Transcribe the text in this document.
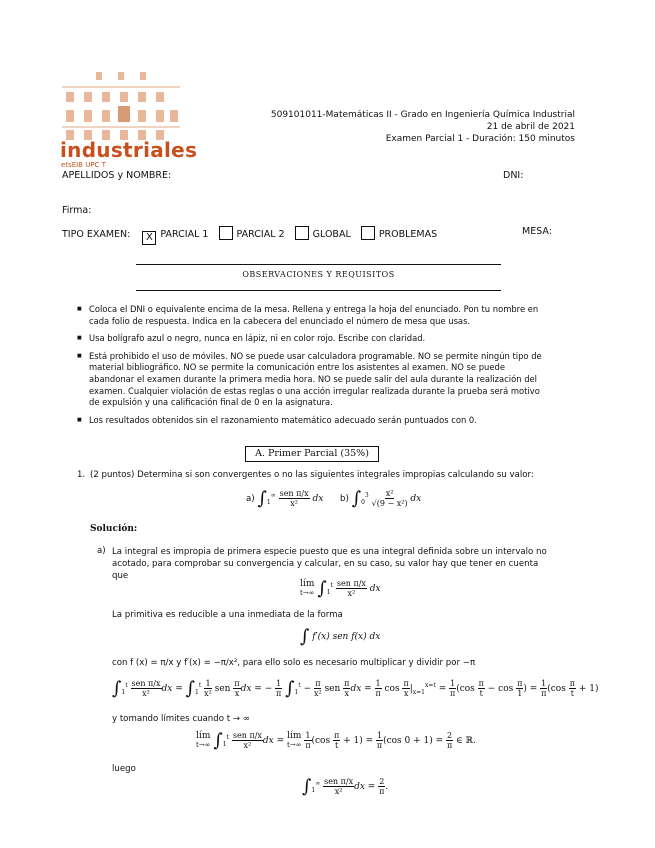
industriales
etsEIB UPC T
509101011-Matemáticas II - Grado en Ingeniería Química Industrial
21 de abril de 2021
Examen Parcial 1 - Duración: 150 minutos
APELLIDOS y NOMBRE:	DNI:
Firma:
TIPO EXAMEN: X PARCIAL 1	PARCIAL 2	GLOBAL	PROBLEMAS	MESA:
OBSERVACIONES Y REQUISITOS
■ Coloca el DNI o equivalente encima de la mesa. Rellena y entrega la hoja del enunciado. Pon tu nombre en cada folio de respuesta. Indica en la cabecera del enunciado el número de mesa que usas.
■ Usa bolígrafo azul o negro, nunca en lápiz, ni en color rojo. Escribe con claridad.
■ Está prohibido el uso de móviles. NO se puede usar calculadora programable. NO se permite ningún tipo de material bibliográfico. NO se permite la comunicación entre los asistentes al examen. NO se puede abandonar el examen durante la primera media hora. NO se puede salir del aula durante la realización del examen. Cualquier violación de estas reglas o una acción irregular realizada durante la prueba será motivo de expulsión y una calificación final de 0 en la asignatura.
■ Los resultados obtenidos sin el razonamiento matemático adecuado serán puntuados con 0.
A. Primer Parcial (35%)
1. (2 puntos) Determina si son convergentes o no las siguientes integrales impropias calculando su valor:
a) $\int_1^\infty \frac{\text{sen π/x}}{\text{x²}}$ dx b) $\int_0^3 \frac{\text{x²}}{\text{√(9 − x²)}}$ dx
Solución:
a) La integral es impropia de primera especie puesto que es una integral definida sobre un intervalo no acotado, para comprobar su convergencia y calcular, en su caso, su valor hay que tener en cuenta que
lím
t→∞ $\int_1^t \frac{\text{sen π/x}}{\text{x²}}$ dx
La primitiva es reducible a una inmediata de la forma
∫ f′(x) sen f(x) dx
con f (x) = π/x y f′(x) = −π/x², para ello solo es necesario multiplicar y dividir por −π
$\int_1^t \frac{\text{sen π/x}}{\text{x²}}$ dx = $\int_1^t \frac{1}{\text{x²}}$ sen $\frac{\pi}{x}$ dx = − $\frac{1}{\pi} \int_1^t - \frac{\pi}{\text{x²}}$ sen $\frac{\pi}{x}$ dx = $\frac{1}{\pi}$ $\cos \frac{\pi}{x} |_{x=1}^{x=t} = \frac{1}{\pi} (\cos \frac{\pi}{t} - \cos \frac{\pi}{1}$ ) = $\frac{1}{\pi} (\cos \frac{\pi}{t} + 1)$
y tomando límites cuando t → ∞
lím
t→∞ $\int_1^t \frac{\text{sen π/x}}{\text{x²}}$ dx = lím
t→∞
$\frac{1}{\pi} (\cos \frac{\pi}{t} + 1) = \frac{1}{\pi} (\cos$ $0 + 1) = \frac{2}{\pi}$ ∈ ℝ.
luego
$\int_1^\infty \frac{\text{sen π/x}}{\text{x²}}$ dx = $\frac{2}{\pi}$ .
